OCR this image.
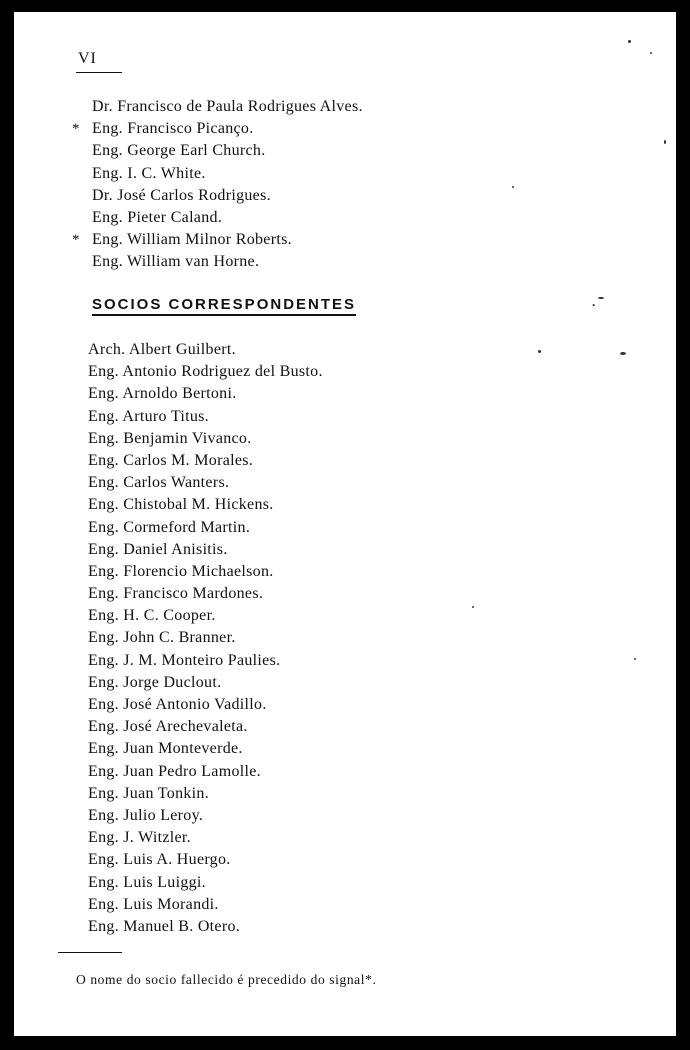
VI
Dr. Francisco de Paula Rodrigues Alves.
* Eng. Francisco Picanço.
Eng. George Earl Church.
Eng. I. C. White.
Dr. José Carlos Rodrigues.
Eng. Pieter Caland.
* Eng. William Milnor Roberts.
Eng. William van Horne.
SOCIOS CORRESPONDENTES	·
Arch. Albert Guilbert.
Eng. Antonio Rodriguez del Busto.
Eng. Arnoldo Bertoni.
Eng. Arturo Titus.
Eng. Benjamin Vivanco.
Eng. Carlos M. Morales.
Eng. Carlos Wanters.
Eng. Chistobal M. Hickens.
Eng. Cormeford Martin.
Eng. Daniel Anisitis.
Eng. Florencio Michaelson.
Eng. Francisco Mardones.
Eng. H. C. Cooper.
Eng. John C. Branner.
Eng. J. M. Monteiro Paulies.
Eng. Jorge Duclout.
Eng. José Antonio Vadillo.
Eng. José Arechevaleta.
Eng. Juan Monteverde.
Eng. Juan Pedro Lamolle.
Eng. Juan Tonkin.
Eng. Julio Leroy.
Eng. J. Witzler.
Eng. Luis A. Huergo.
Eng. Luis Luiggi.
Eng. Luis Morandi.
Eng. Manuel B. Otero.
O nome do socio fallecido é precedido do signal*.
